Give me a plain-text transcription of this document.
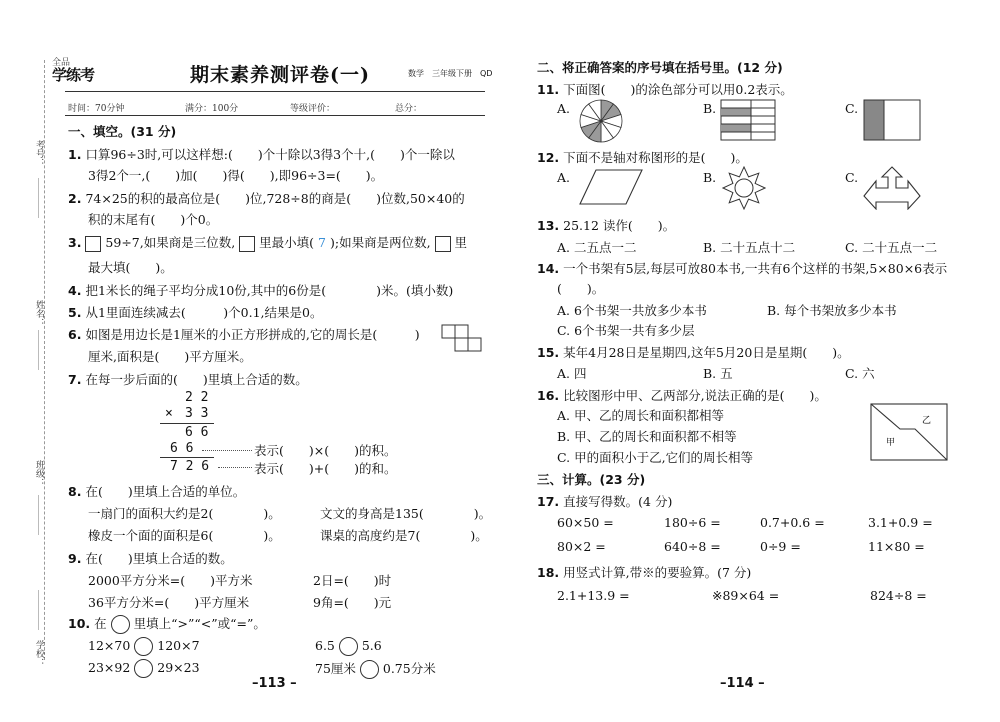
考号：
姓名：
班级：
学校：
全品
学练考	期末素养测评卷(一)	数学　三年级下册　QD
时间：70分钟	满分：100分	等级评价：	总分：
一、填空。(31 分)
1. 口算96÷3时,可以这样想:(　　)个十除以3得3个十,(　　)个一除以
3得2个一,(　　)加(　　)得(　　),即96÷3=(　　)。
2. 74×25的积的最高位是(　　)位,728÷8的商是(　　)位数,50×40的
积的末尾有(　　)个0。
3. 59÷7,如果商是三位数, 里最小填( 7 );如果商是两位数, 里
最大填(　　)。
4. 把1米长的绳子平均分成10份,其中的6份是(　　　　)米。(填小数)
5. 从1里面连续减去(　　　)个0.1,结果是0。
6. 如图是用边长是1厘米的小正方形拼成的,它的周长是(　　　)
厘米,面积是(　　)平方厘米。
7. 在每一步后面的(　　)里填上合适的数。
2 2
× 3 3
6 6
6 6
7 2 6
表示(　　)×(　　)的积。
表示(　　)+(　　)的和。
8. 在(　　)里填上合适的单位。
一扇门的面积大约是2(　　　　)。	文文的身高是135(　　　　)。
橡皮一个面的面积是6(　　　　)。	课桌的高度约是7(　　　　)。
9. 在(　　)里填上合适的数。
2000平方分米=(　　)平方米	2日=(　　)时
36平方分米=(　　)平方厘米	9角=(　　)元
10. 在 里填上“>”“<”或“=”。
12×70 120×7	6.5 5.6
23×92 29×23	75厘米 0.75分米
–113 –
二、将正确答案的序号填在括号里。(12 分)
11. 下面图(　　)的涂色部分可以用0.2表示。
A.	B.	C.
12. 下面不是轴对称图形的是(　　)。
A.	B.	C.
13. 25.12 读作(　　)。
A. 二五点一二	B. 二十五点十二	C. 二十五点一二
14. 一个书架有5层,每层可放80本书,一共有6个这样的书架,5×80×6表示
(　　)。
A. 6个书架一共放多少本书	B. 每个书架放多少本书
C. 6个书架一共有多少层
15. 某年4月28日是星期四,这年5月20日是星期(　　)。
A. 四	B. 五	C. 六
16. 比较图形中甲、乙两部分,说法正确的是(　　)。
A. 甲、乙的周长和面积都相等
B. 甲、乙的周长和面积都不相等
C. 甲的面积小于乙,它们的周长相等
甲
乙
三、计算。(23 分)
17. 直接写得数。(4 分)
60×50 =	180÷6 =	0.7+0.6 =	3.1+0.9 =
80×2 =	640÷8 =	0÷9 =	11×80 =
18. 用竖式计算,带※的要验算。(7 分)
2.1+13.9 =	※89×64 =	824÷8 =
–114 –
